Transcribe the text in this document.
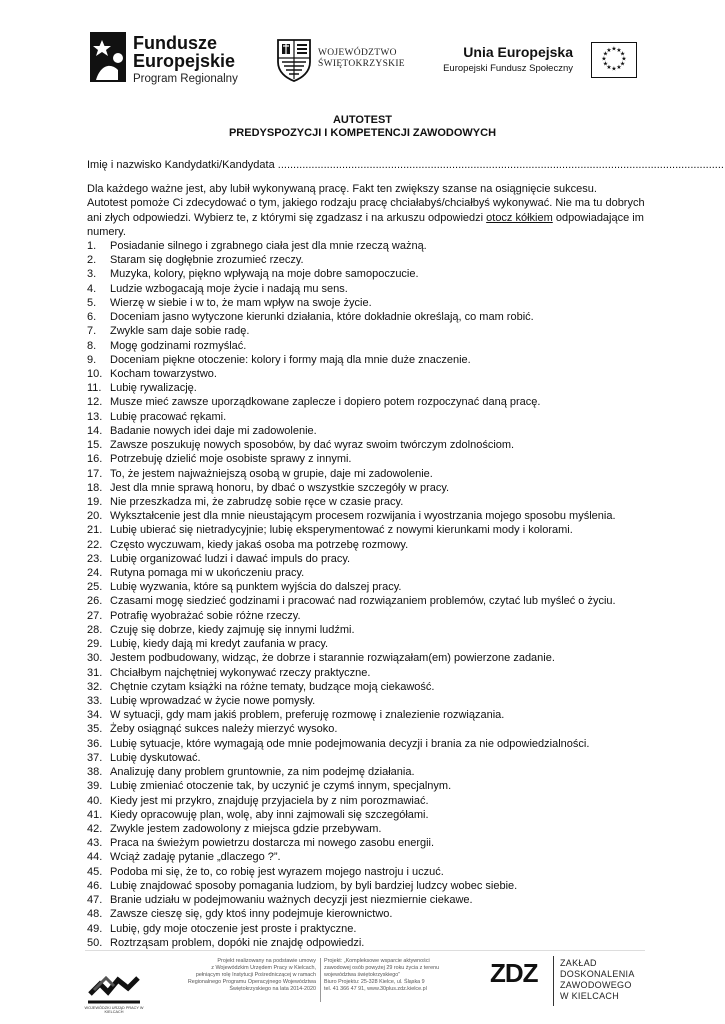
Fundusze
Europejskie
Program Regionalny
WOJEWÓDZTWO
ŚWIĘTOKRZYSKIE
Unia Europejska
Europejski Fundusz Społeczny
★ ★
★
★
★
★
★
★
★
★
★
★
AUTOTEST
PREDYSPOZYCJI I KOMPETENCJI ZAWODOWYCH
Imię i nazwisko Kandydatki/Kandydata ..................................................................................................................................................
Dla każdego ważne jest, aby lubił wykonywaną pracę. Fakt ten zwiększy szanse na osiągnięcie sukcesu.
Autotest pomoże Ci zdecydować o tym, jakiego rodzaju pracę chciałabyś/chciałbyś wykonywać. Nie ma tu dobrych ani złych odpowiedzi. Wybierz te, z którymi się zgadzasz i na arkuszu odpowiedzi otocz kółkiem odpowiadające im numery.
1.	Posiadanie silnego i zgrabnego ciała jest dla mnie rzeczą ważną.
2.	Staram się dogłębnie zrozumieć rzeczy.
3.	Muzyka, kolory, piękno wpływają na moje dobre samopoczucie.
4.	Ludzie wzbogacają moje życie i nadają mu sens.
5.	Wierzę w siebie i w to, że mam wpływ na swoje życie.
6.	Doceniam jasno wytyczone kierunki działania, które dokładnie określają, co mam robić.
7.	Zwykle sam daje sobie radę.
8.	Mogę godzinami rozmyślać.
9.	Doceniam piękne otoczenie: kolory i formy mają dla mnie duże znaczenie.
10. Kocham towarzystwo.
11. Lubię rywalizację.
12. Musze mieć zawsze uporządkowane zaplecze i dopiero potem rozpoczynać daną pracę.
13. Lubię pracować rękami.
14. Badanie nowych idei daje mi zadowolenie.
15. Zawsze poszukuję nowych sposobów, by dać wyraz swoim twórczym zdolnościom.
16. Potrzebuję dzielić moje osobiste sprawy z innymi.
17. To, że jestem najważniejszą osobą w grupie, daje mi zadowolenie.
18. Jest dla mnie sprawą honoru, by dbać o wszystkie szczegóły w pracy.
19. Nie przeszkadza mi, że zabrudzę sobie ręce w czasie pracy.
20. Wykształcenie jest dla mnie nieustającym procesem rozwijania i wyostrzania mojego sposobu myślenia.
21. Lubię ubierać się nietradycyjnie; lubię eksperymentować z nowymi kierunkami mody i kolorami.
22. Często wyczuwam, kiedy jakaś osoba ma potrzebę rozmowy.
23. Lubię organizować ludzi i dawać impuls do pracy.
24. Rutyna pomaga mi w ukończeniu pracy.
25. Lubię wyzwania, które są punktem wyjścia do dalszej pracy.
26. Czasami mogę siedzieć godzinami i pracować nad rozwiązaniem problemów, czytać lub myśleć o życiu.
27. Potrafię wyobrażać sobie różne rzeczy.
28. Czuję się dobrze, kiedy zajmuję się innymi ludźmi.
29. Lubię, kiedy dają mi kredyt zaufania w pracy.
30. Jestem podbudowany, widząc, że dobrze i starannie rozwiązałam(em) powierzone zadanie.
31. Chciałbym najchętniej wykonywać rzeczy praktyczne.
32. Chętnie czytam książki na różne tematy, budzące moją ciekawość.
33. Lubię wprowadzać w życie nowe pomysły.
34. W sytuacji, gdy mam jakiś problem, preferuję rozmowę i znalezienie rozwiązania.
35. Żeby osiągnąć sukces należy mierzyć wysoko.
36. Lubię sytuacje, które wymagają ode mnie podejmowania decyzji i brania za nie odpowiedzialności.
37. Lubię dyskutować.
38. Analizuję dany problem gruntownie, za nim podejmę działania.
39. Lubię zmieniać otoczenie tak, by uczynić je czymś innym, specjalnym.
40. Kiedy jest mi przykro, znajduję przyjaciela by z nim porozmawiać.
41. Kiedy opracowuję plan, wolę, aby inni zajmowali się szczegółami.
42. Zwykle jestem zadowolony z miejsca gdzie przebywam.
43. Praca na świeżym powietrzu dostarcza mi nowego zasobu energii.
44. Wciąż zadaję pytanie „dlaczego ?”.
45. Podoba mi się, że to, co robię jest wyrazem mojego nastroju i uczuć.
46. Lubię znajdować sposoby pomagania ludziom, by byli bardziej ludzcy wobec siebie.
47. Branie udziału w podejmowaniu ważnych decyzji jest niezmiernie ciekawe.
48. Zawsze cieszę się, gdy ktoś inny podejmuje kierownictwo.
49. Lubię, gdy moje otoczenie jest proste i praktyczne.
50. Roztrząsam problem, dopóki nie znajdę odpowiedzi.
WOJEWÓDZKI URZĄD PRACY W KIELCACH
Projekt realizowany na podstawie umowy
z Wojewódzkim Urzędem Pracy w Kielcach,
pełniącym rolę Instytucji Pośredniczącej w ramach
Regionalnego Programu Operacyjnego Województwa
Świętokrzyskiego na lata 2014-2020
Projekt: „Kompleksowe wsparcie aktywności
zawodowej osób powyżej 29 roku życia z terenu
województwa świętokrzyskiego”
Biuro Projektu: 25-328 Kielce, ul. Śląska 9
tel. 41 366 47 91, www.30plus.zdz.kielce.pl
ZDZ ZAKŁAD
DOSKONALENIA
ZAWODOWEGO
W KIELCACH
